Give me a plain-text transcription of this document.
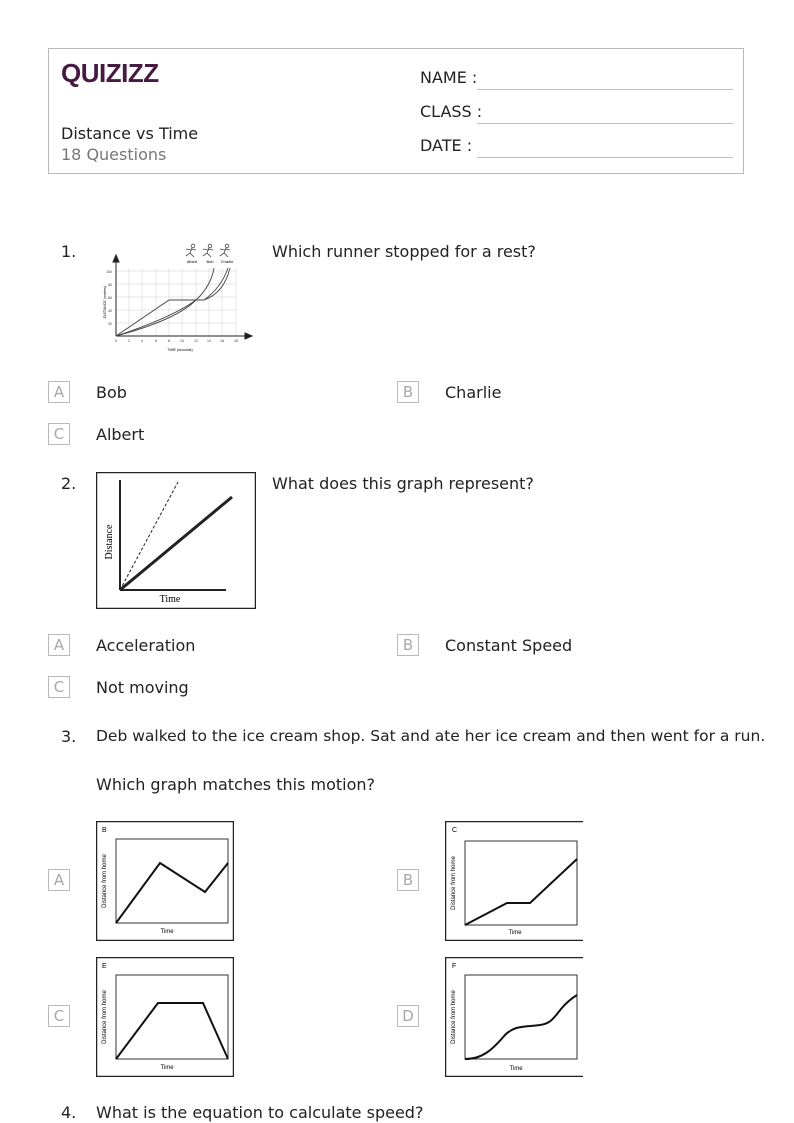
QUIZIZZ
Distance vs Time
18 Questions
NAME :
CLASS :
DATE :
1.
Albert Bob Charlie
DISTANCE (metres)
TIME (seconds)
100
80
60
40
20
0	2	4	6	8	10	12	14	16	18
Which runner stopped for a rest?
A	Bob	B	Charlie
C	Albert
2.
Distance
Time
What does this graph represent?
A	Acceleration	B	Constant Speed
C	Not moving
3. Deb walked to the ice cream shop. Sat and ate her ice cream and then went for a run.
Which graph matches this motion?
A
B
Distance from home
Time
B
C
Distance from home
Time
C
E
Distance from home
Time
D
F
Distance from home
Time
4. What is the equation to calculate speed?
